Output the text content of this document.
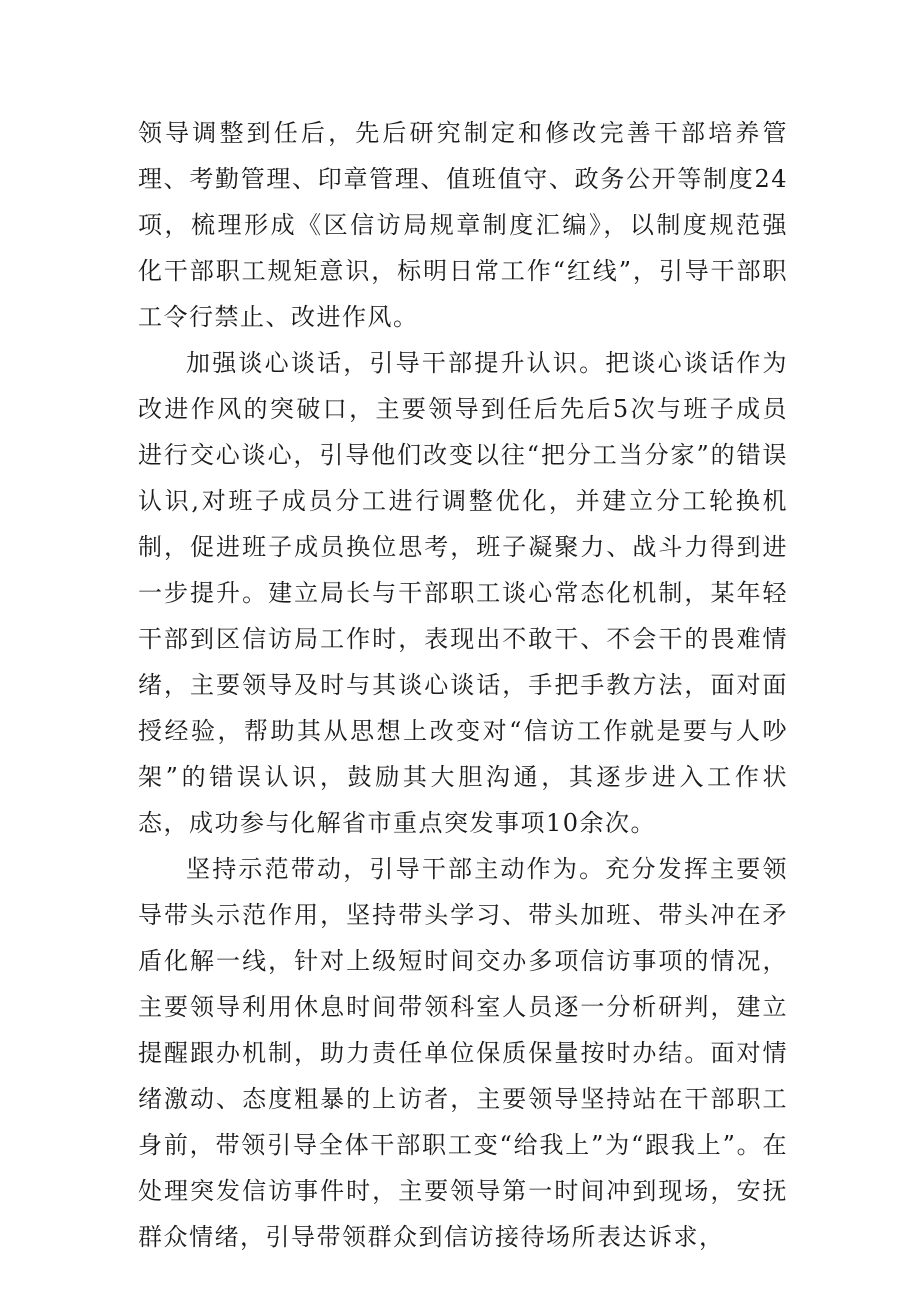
领导调整到任后，先后研究制定和修改完善干部培养管理、考勤管理、印章管理、值班值守、政务公开等制度24项，梳理形成《区信访局规章制度汇编》，以制度规范强化干部职工规矩意识，标明日常工作“红线”，引导干部职工令行禁止、改进作风。

加强谈心谈话，引导干部提升认识。把谈心谈话作为改进作风的突破口，主要领导到任后先后5次与班子成员进行交心谈心，引导他们改变以往“把分工当分家”的错误认识,对班子成员分工进行调整优化，并建立分工轮换机制，促进班子成员换位思考，班子凝聚力、战斗力得到进一步提升。建立局长与干部职工谈心常态化机制，某年轻干部到区信访局工作时，表现出不敢干、不会干的畏难情绪，主要领导及时与其谈心谈话，手把手教方法，面对面授经验，帮助其从思想上改变对“信访工作就是要与人吵架”的错误认识，鼓励其大胆沟通，其逐步进入工作状态，成功参与化解省市重点突发事项10余次。

坚持示范带动，引导干部主动作为。充分发挥主要领导带头示范作用，坚持带头学习、带头加班、带头冲在矛盾化解一线，针对上级短时间交办多项信访事项的情况，主要领导利用休息时间带领科室人员逐一分析研判，建立提醒跟办机制，助力责任单位保质保量按时办结。面对情绪激动、态度粗暴的上访者，主要领导坚持站在干部职工身前，带领引导全体干部职工变“给我上”为“跟我上”。在处理突发信访事件时，主要领导第一时间冲到现场，安抚群众情绪，引导带领群众到信访接待场所表达诉求，
